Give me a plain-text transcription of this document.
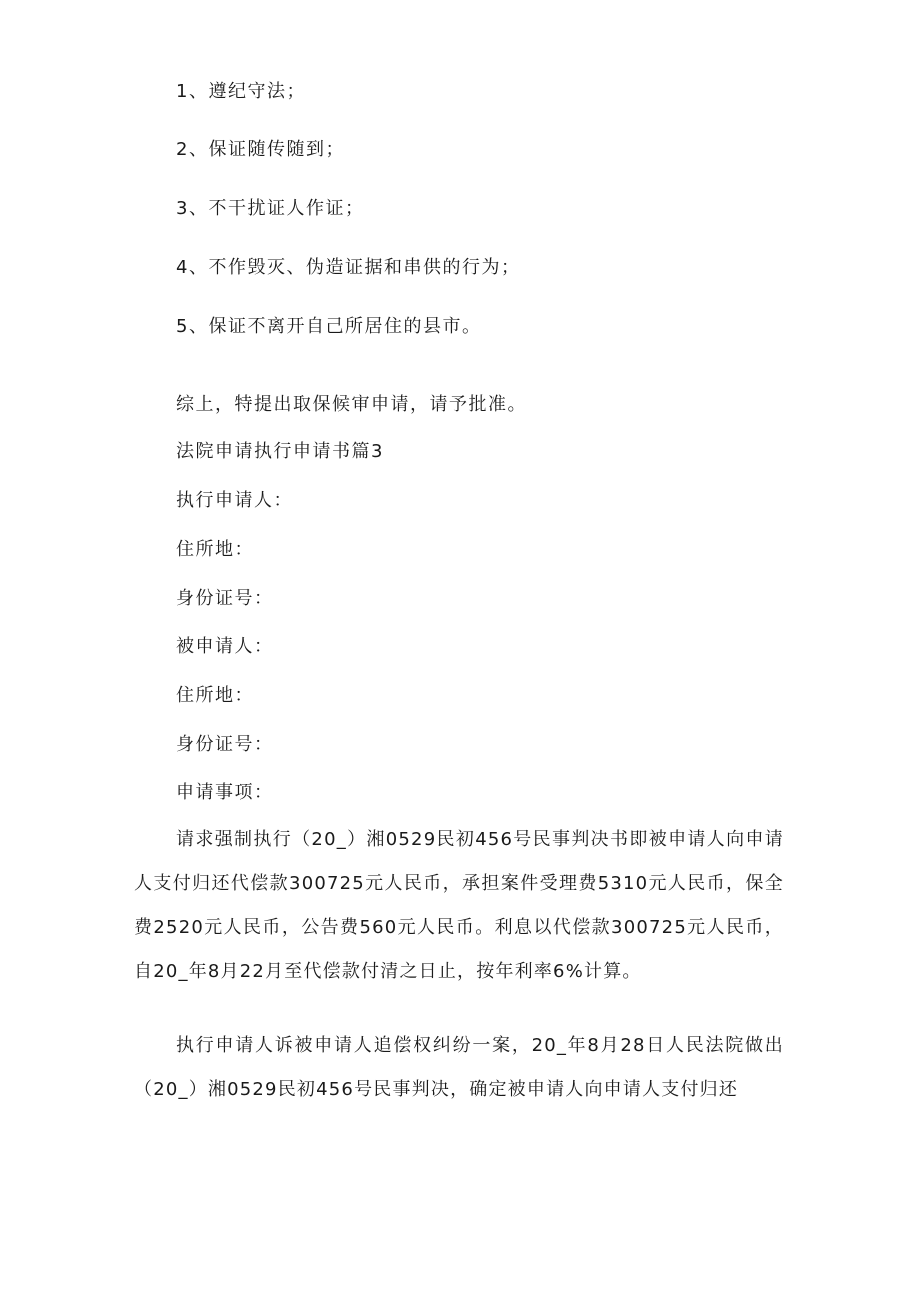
1、遵纪守法；

2、保证随传随到；

3、不干扰证人作证；

4、不作毁灭、伪造证据和串供的行为；

5、保证不离开自己所居住的县市。

综上，特提出取保候审申请，请予批准。

法院申请执行申请书篇3

执行申请人：

住所地：

身份证号：

被申请人：

住所地：

身份证号：

申请事项：

请求强制执行（20_）湘0529民初456号民事判决书即被申请人向申请人支付归还代偿款300725元人民币，承担案件受理费5310元人民币，保全费2520元人民币，公告费560元人民币。利息以代偿款300725元人民币，自20_年8月22月至代偿款付清之日止，按年利率6%计算。

执行申请人诉被申请人追偿权纠纷一案，20_年8月28日人民法院做出（20_）湘0529民初456号民事判决，确定被申请人向申请人支付归还
